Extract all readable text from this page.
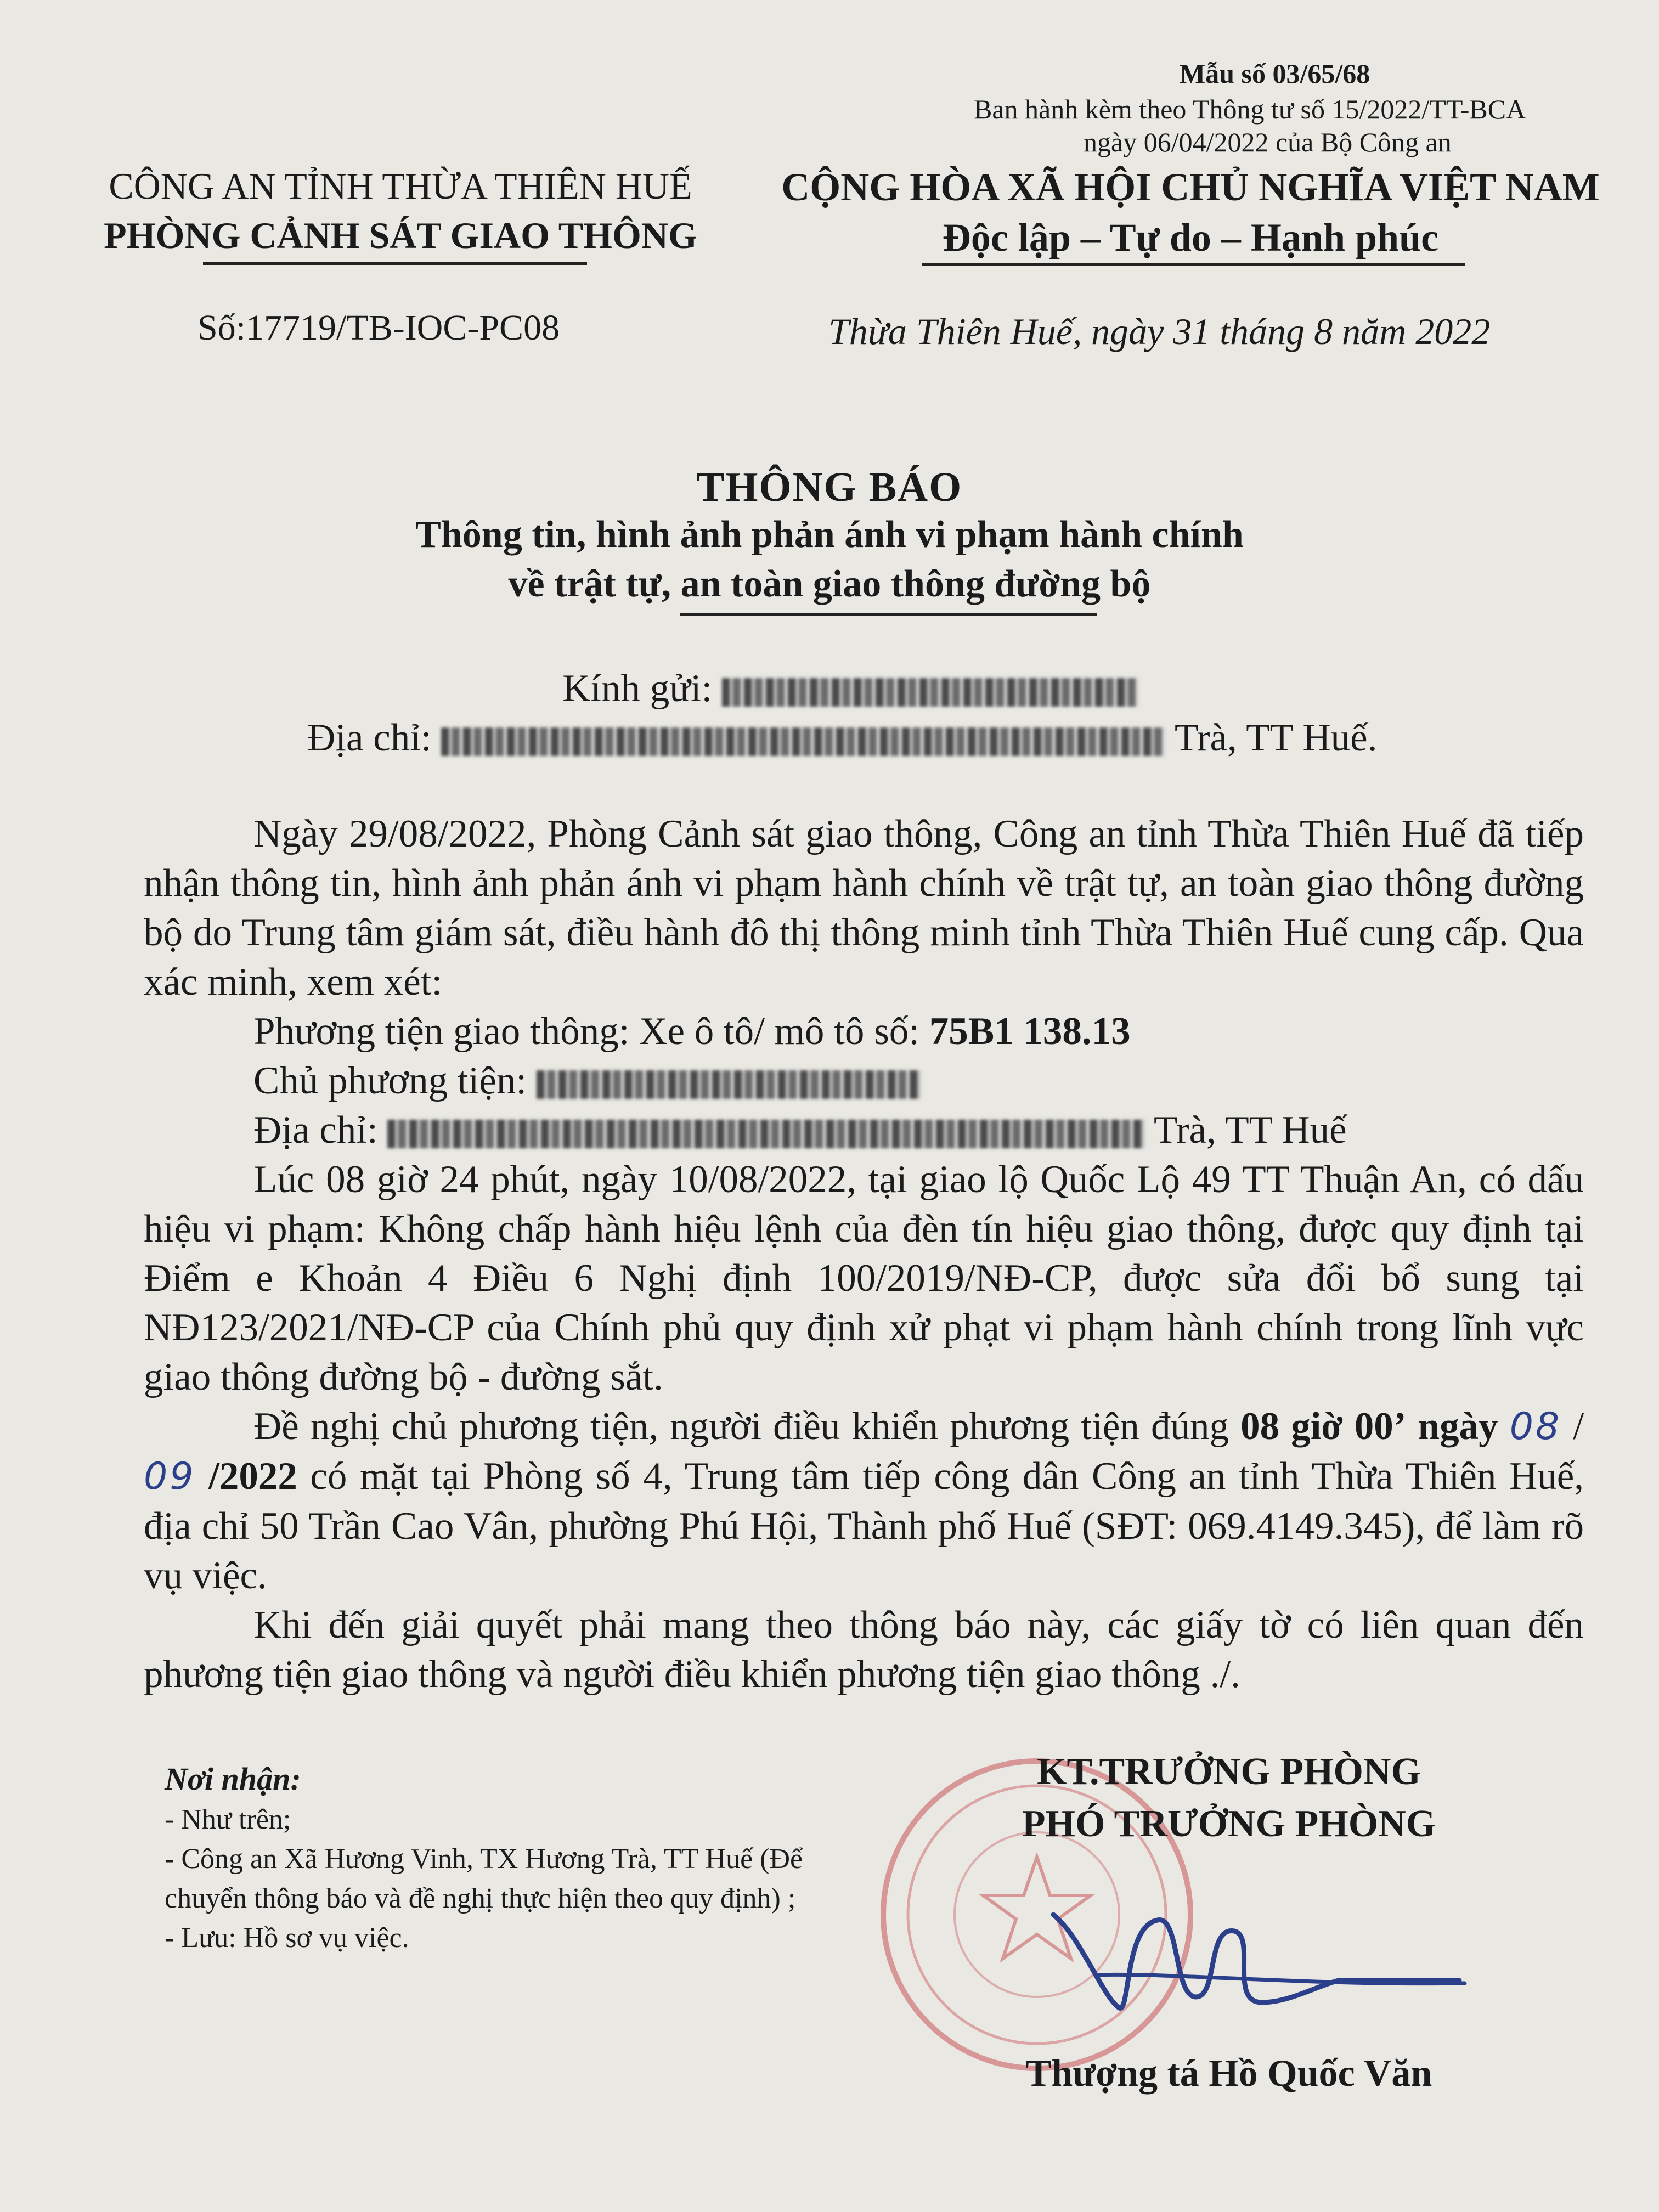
Mẫu số 03/65/68
Ban hành kèm theo Thông tư số 15/2022/TT-BCA
ngày 06/04/2022 của Bộ Công an
CÔNG AN TỈNH THỪA THIÊN HUẾ
PHÒNG CẢNH SÁT GIAO THÔNG
Số:17719/TB-IOC-PC08
CỘNG HÒA XÃ HỘI CHỦ NGHĨA VIỆT NAM
Độc lập – Tự do – Hạnh phúc
Thừa Thiên Huế, ngày 31 tháng 8 năm 2022
THÔNG BÁO
Thông tin, hình ảnh phản ánh vi phạm hành chính
về trật tự, an toàn giao thông đường bộ
Kính gửi:
Địa chỉ:	Trà, TT Huế.
Ngày 29/08/2022, Phòng Cảnh sát giao thông, Công an tỉnh Thừa Thiên Huế đã tiếp nhận thông tin, hình ảnh phản ánh vi phạm hành chính về trật tự, an toàn giao thông đường bộ do Trung tâm giám sát, điều hành đô thị thông minh tỉnh Thừa Thiên Huế cung cấp. Qua xác minh, xem xét:
Phương tiện giao thông: Xe ô tô/ mô tô số: 75B1 138.13
Chủ phương tiện:
Địa chỉ:	Trà, TT Huế
Lúc 08 giờ 24 phút, ngày 10/08/2022, tại giao lộ Quốc Lộ 49 TT Thuận An, có dấu hiệu vi phạm: Không chấp hành hiệu lệnh của đèn tín hiệu giao thông, được quy định tại Điểm e Khoản 4 Điều 6 Nghị định 100/2019/NĐ-CP, được sửa đổi bổ sung tại NĐ123/2021/NĐ-CP của Chính phủ quy định xử phạt vi phạm hành chính trong lĩnh vực giao thông đường bộ - đường sắt.
Đề nghị chủ phương tiện, người điều khiển phương tiện đúng 08 giờ 00’ ngày 08 / 09 /2022 có mặt tại Phòng số 4, Trung tâm tiếp công dân Công an tỉnh Thừa Thiên Huế, địa chỉ 50 Trần Cao Vân, phường Phú Hội, Thành phố Huế (SĐT: 069.4149.345), để làm rõ vụ việc.
Khi đến giải quyết phải mang theo thông báo này, các giấy tờ có liên quan đến phương tiện giao thông và người điều khiển phương tiện giao thông ./.
Nơi nhận:
- Như trên;
- Công an Xã Hương Vinh, TX Hương Trà, TT Huế (Để chuyển thông báo và đề nghị thực hiện theo quy định) ;
- Lưu: Hồ sơ vụ việc.
KT.TRƯỞNG PHÒNG
PHÓ TRƯỞNG PHÒNG
Thượng tá Hồ Quốc Văn
